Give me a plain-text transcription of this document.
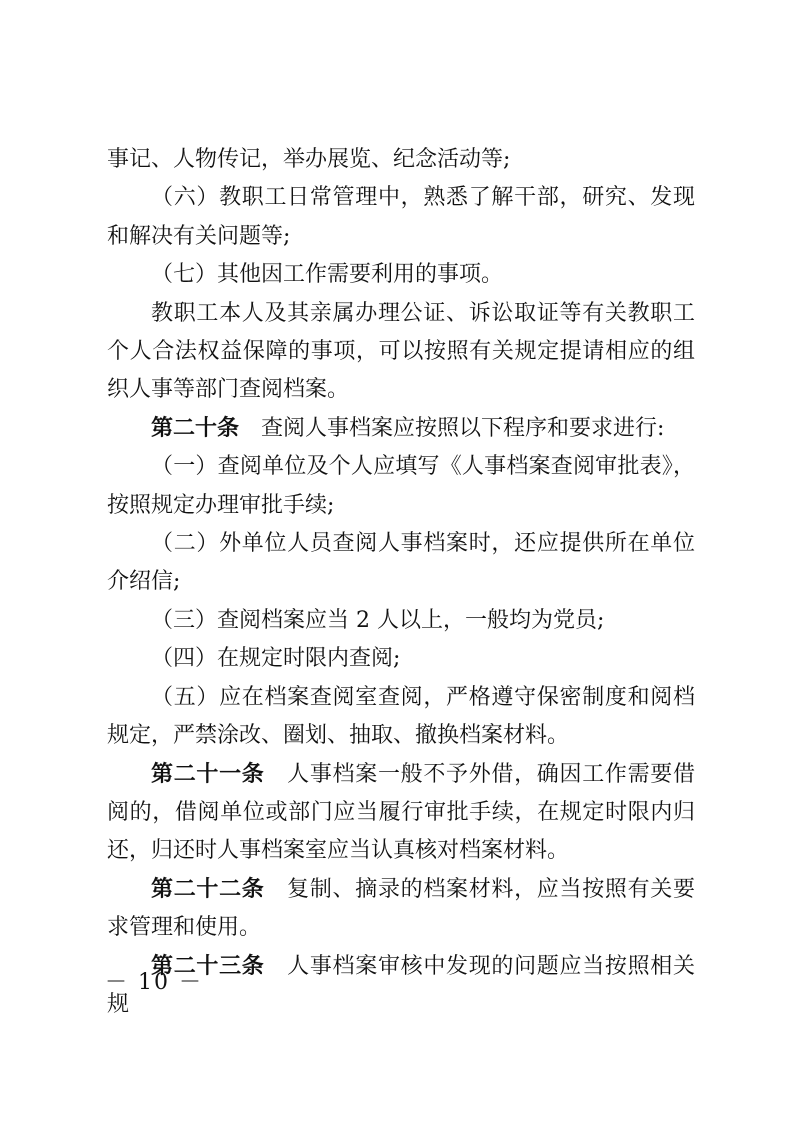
事记、人物传记，举办展览、纪念活动等;

（六）教职工日常管理中，熟悉了解干部，研究、发现和解决有关问题等;

（七）其他因工作需要利用的事项。

教职工本人及其亲属办理公证、诉讼取证等有关教职工个人合法权益保障的事项，可以按照有关规定提请相应的组织人事等部门查阅档案。

第二十条　 查阅人事档案应按照以下程序和要求进行:

（一）查阅单位及个人应填写《人事档案查阅审批表》，按照规定办理审批手续;

（二）外单位人员查阅人事档案时，还应提供所在单位介绍信;

（三）查阅档案应当 2 人以上，一般均为党员;

（四）在规定时限内查阅;

（五）应在档案查阅室查阅，严格遵守保密制度和阅档规定，严禁涂改、圈划、抽取、撤换档案材料。

第二十一条　 人事档案一般不予外借，确因工作需要借阅的，借阅单位或部门应当履行审批手续，在规定时限内归还，归还时人事档案室应当认真核对档案材料。

第二十二条　 复制、摘录的档案材料，应当按照有关要求管理和使用。

第二十三条　 人事档案审核中发现的问题应当按照相关规

－ 10 －
